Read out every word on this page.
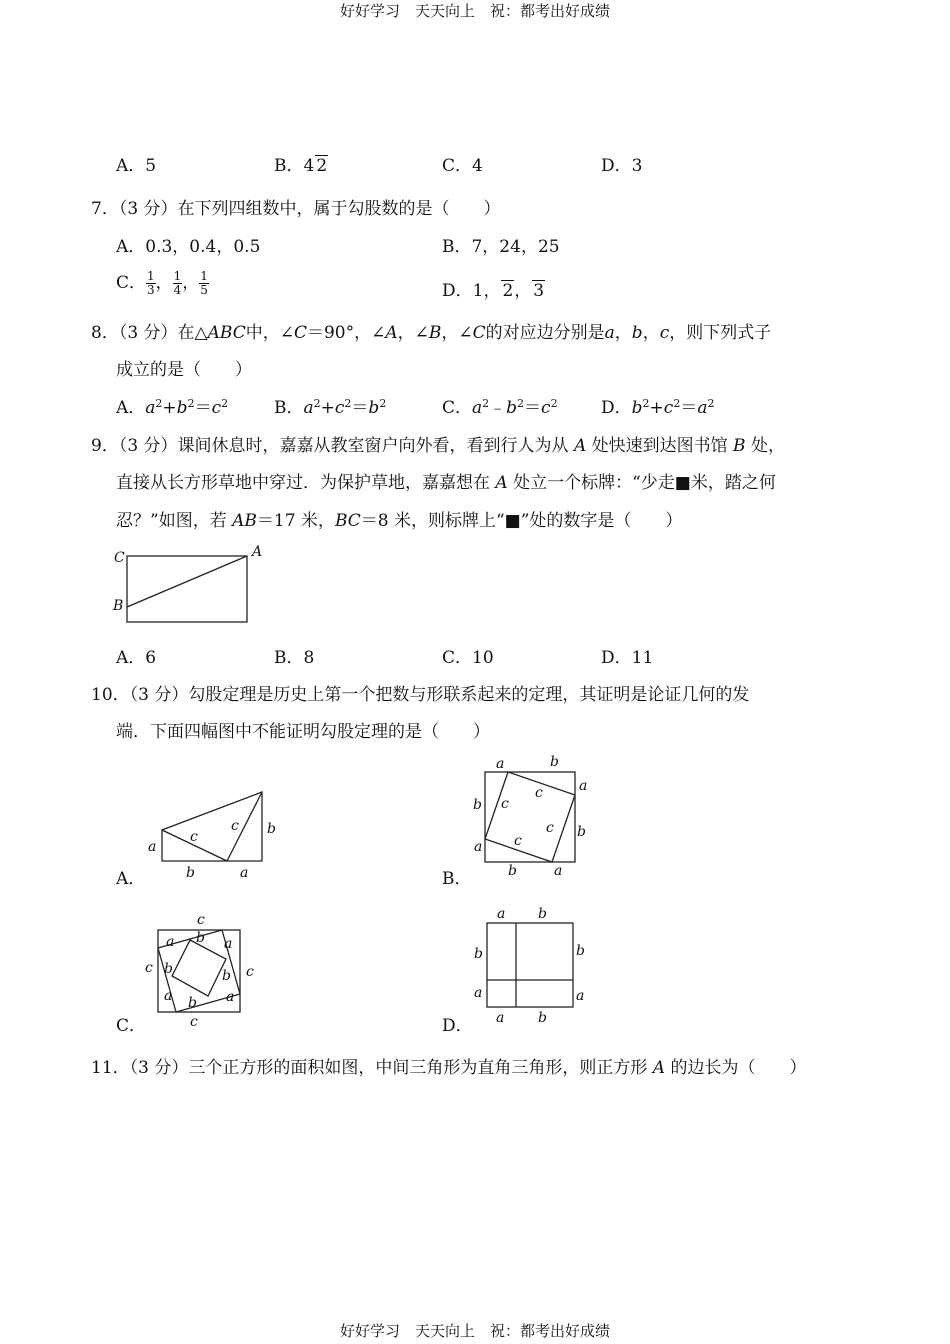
好好学习　天天向上　祝：都考出好成绩
A．5	B．4 2	C．4	D．3
7．（3 分）在下列四组数中，属于勾股数的是（　　）
A．0.3，0.4，0.5	B．7，24，25
C． $\frac{1}{3}$ ， $\frac{1}{4}$ ， $\frac{1}{5}$	D．1， 2， 3
8．（3 分）在△ABC中，∠C＝90°，∠A，∠B，∠C的对应边分别是a，b，c，则下列式子
成立的是（　　）
A．$a^2+b^2=c^2$	B．$a^2+c^2=b^2$	C．$a^2﹣b^2=c^2$	D．$b^2+c^2=a^2$
9．（3 分）课间休息时，嘉嘉从教室窗户向外看，看到行人为从 A 处快速到达图书馆 B 处，
直接从长方形草地中穿过．为保护草地，嘉嘉想在 A 处立一个标牌：“少走■米，踏之何
忍？”如图，若 AB＝17 米，BC＝8 米，则标牌上“■”处的数字是（　　）
C	A
B
A．6	B．8	C．10	D．11
10．（3 分）勾股定理是历史上第一个把数与形联系起来的定理，其证明是论证几何的发
端．下面四幅图中不能证明勾股定理的是（　　）
a
c
c b
b	a
A．
a	b
a
b
b
a
b	a
c
c
c
c
B．
c
a b a
c b	b c
a b a
c
C．
a b
b	b
a	a
a b
D．
11．（3 分）三个正方形的面积如图，中间三角形为直角三角形，则正方形 A 的边长为（　　）
好好学习　天天向上　祝：都考出好成绩
